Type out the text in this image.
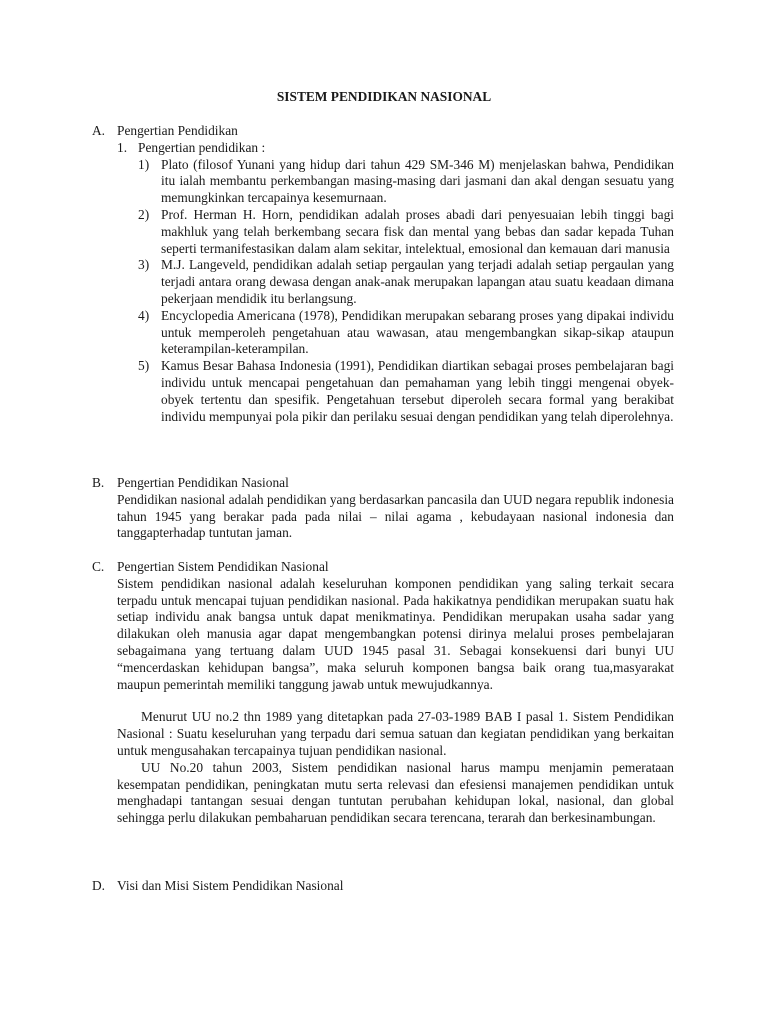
SISTEM PENDIDIKAN NASIONAL
A. Pengertian Pendidikan
1. Pengertian pendidikan :
1) Plato (filosof Yunani yang hidup dari tahun 429 SM-346 M) menjelaskan bahwa, Pendidikan itu ialah membantu perkembangan masing-masing dari jasmani dan akal dengan sesuatu yang memungkinkan tercapainya kesemurnaan.
2) Prof. Herman H. Horn, pendidikan adalah proses abadi dari penyesuaian lebih tinggi bagi makhluk yang telah berkembang secara fisk dan mental yang bebas dan sadar kepada Tuhan seperti termanifestasikan dalam alam sekitar, intelektual, emosional dan kemauan dari manusia
3) M.J. Langeveld, pendidikan adalah setiap pergaulan yang terjadi adalah setiap pergaulan yang terjadi antara orang dewasa dengan anak-anak merupakan lapangan atau suatu keadaan dimana pekerjaan mendidik itu berlangsung.
4) Encyclopedia Americana (1978), Pendidikan merupakan sebarang proses yang dipakai individu untuk memperoleh pengetahuan atau wawasan, atau mengembangkan sikap-sikap ataupun keterampilan-keterampilan.
5) Kamus Besar Bahasa Indonesia (1991), Pendidikan diartikan sebagai proses pembelajaran bagi individu untuk mencapai pengetahuan dan pemahaman yang lebih tinggi mengenai obyek-obyek tertentu dan spesifik. Pengetahuan tersebut diperoleh secara formal yang berakibat individu mempunyai pola pikir dan perilaku sesuai dengan pendidikan yang telah diperolehnya.
B. Pengertian Pendidikan Nasional
Pendidikan nasional adalah pendidikan yang berdasarkan pancasila dan UUD negara republik indonesia tahun 1945 yang berakar pada pada nilai – nilai agama , kebudayaan nasional indonesia dan tanggapterhadap tuntutan jaman.
C. Pengertian Sistem Pendidikan Nasional
Sistem pendidikan nasional adalah keseluruhan komponen pendidikan yang saling terkait secara terpadu untuk mencapai tujuan pendidikan nasional. Pada hakikatnya pendidikan merupakan suatu hak setiap individu anak bangsa untuk dapat menikmatinya. Pendidikan merupakan usaha sadar yang dilakukan oleh manusia agar dapat mengembangkan potensi dirinya melalui proses pembelajaran sebagaimana yang tertuang dalam UUD 1945 pasal 31. Sebagai konsekuensi dari bunyi UU “mencerdaskan kehidupan bangsa”, maka seluruh komponen bangsa baik orang tua,masyarakat maupun pemerintah memiliki tanggung jawab untuk mewujudkannya.
Menurut UU no.2 thn 1989 yang ditetapkan pada 27-03-1989 BAB I pasal 1. Sistem Pendidikan Nasional : Suatu keseluruhan yang terpadu dari semua satuan dan kegiatan pendidikan yang berkaitan untuk mengusahakan tercapainya tujuan pendidikan nasional.
UU No.20 tahun 2003, Sistem pendidikan nasional harus mampu menjamin pemerataan kesempatan pendidikan, peningkatan mutu serta relevasi dan efesiensi manajemen pendidikan untuk menghadapi tantangan sesuai dengan tuntutan perubahan kehidupan lokal, nasional, dan global sehingga perlu dilakukan pembaharuan pendidikan secara terencana, terarah dan berkesinambungan.
D. Visi dan Misi Sistem Pendidikan Nasional
